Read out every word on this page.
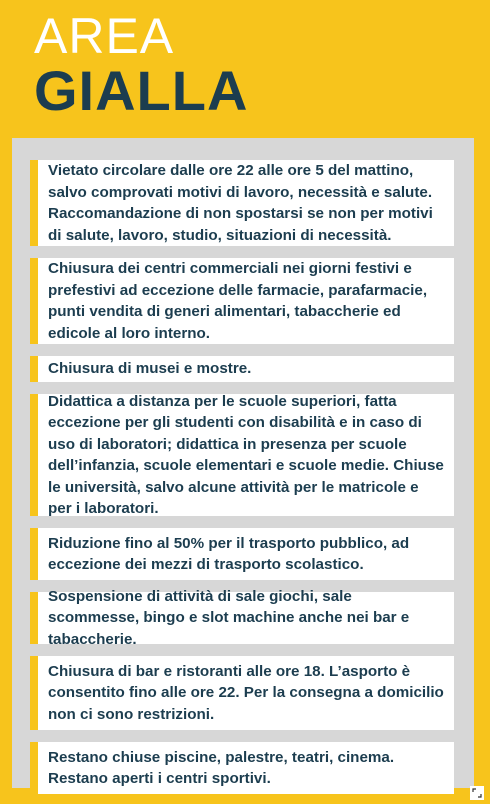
AREA
GIALLA
Vietato circolare dalle ore 22 alle ore 5 del mattino, salvo comprovati motivi di lavoro, necessità e salute. Raccomandazione di non spostarsi se non per motivi di salute, lavoro, studio, situazioni di necessità.
Chiusura dei centri commerciali nei giorni festivi e prefestivi ad eccezione delle farmacie, parafarmacie, punti vendita di generi alimentari, tabaccherie ed edicole al loro interno.
Chiusura di musei e mostre.
Didattica a distanza per le scuole superiori, fatta eccezione per gli studenti con disabilità e in caso di uso di laboratori; didattica in presenza per scuole dell’infanzia, scuole elementari e scuole medie. Chiuse le università, salvo alcune attività per le matricole e per i laboratori.
Riduzione fino al 50% per il trasporto pubblico, ad eccezione dei mezzi di trasporto scolastico.
Sospensione di attività di sale giochi, sale scommesse, bingo e slot machine anche nei bar e tabaccherie.
Chiusura di bar e ristoranti alle ore 18. L’asporto è consentito fino alle ore 22. Per la consegna a domicilio non ci sono restrizioni.
Restano chiuse piscine, palestre, teatri, cinema. Restano aperti i centri sportivi.
